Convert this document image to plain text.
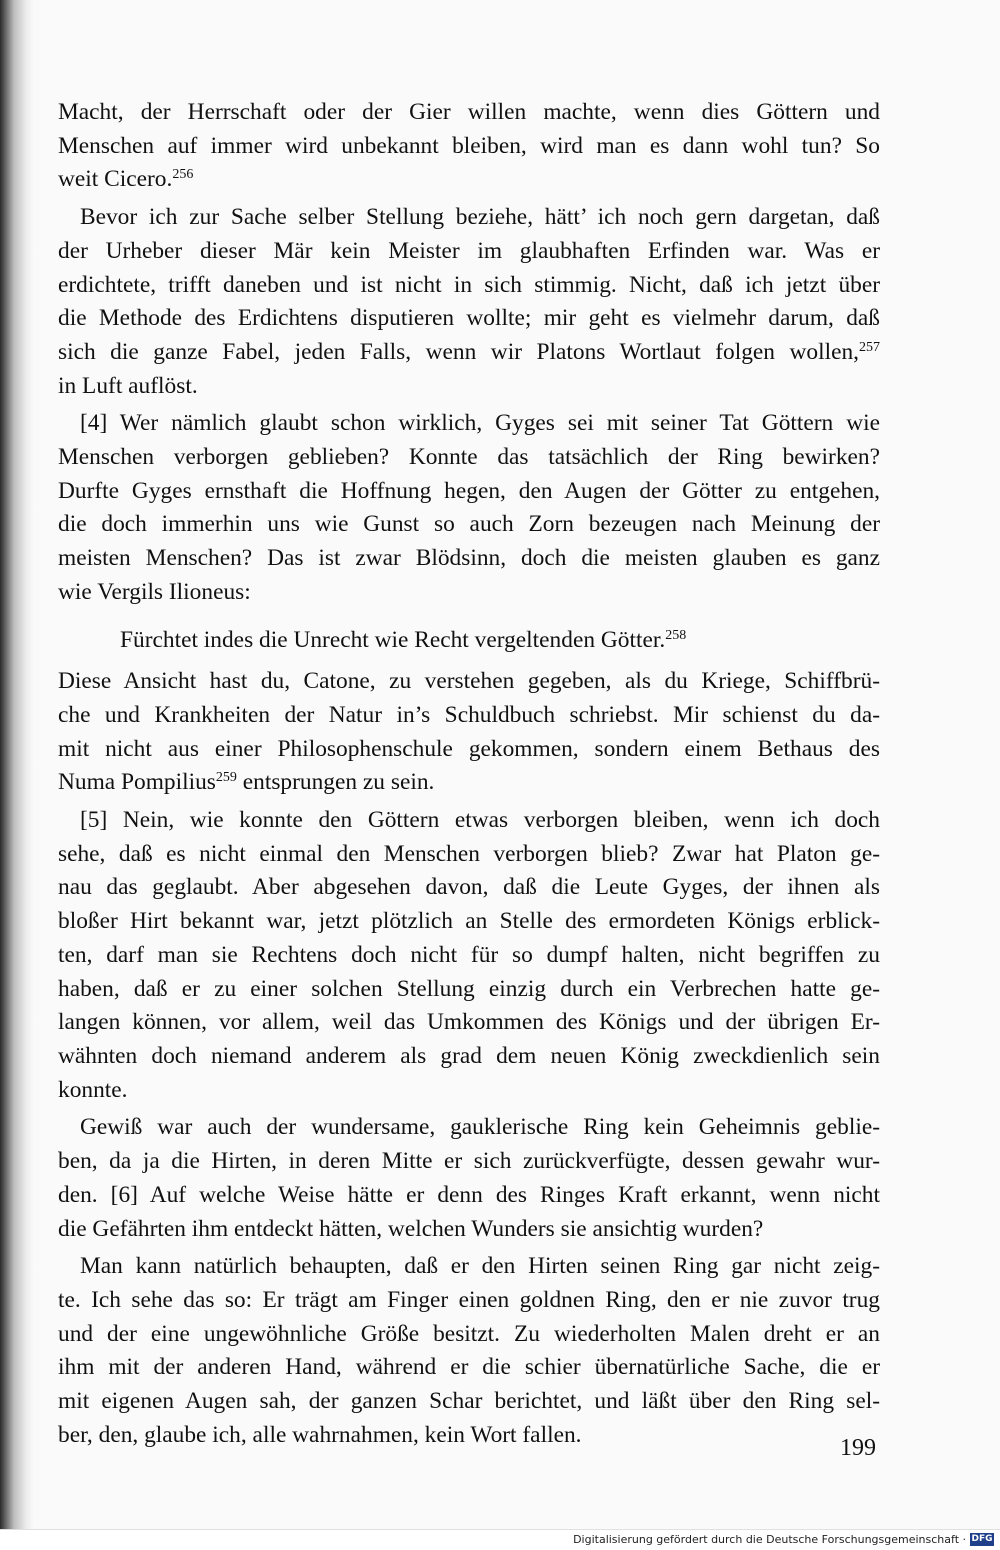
Macht, der Herrschaft oder der Gier willen machte, wenn dies Göttern und
Menschen auf immer wird unbekannt bleiben, wird man es dann wohl tun? So
weit Cicero.$^{256}$
Bevor ich zur Sache selber Stellung beziehe, hätt’ ich noch gern dargetan, daß
der Urheber dieser Mär kein Meister im glaubhaften Erfinden war. Was er
erdichtete, trifft daneben und ist nicht in sich stimmig. Nicht, daß ich jetzt über
die Methode des Erdichtens disputieren wollte; mir geht es vielmehr darum, daß
sich die ganze Fabel, jeden Falls, wenn wir Platons Wortlaut folgen wollen,$^{257}$
in Luft auflöst.
[4] Wer nämlich glaubt schon wirklich, Gyges sei mit seiner Tat Göttern wie
Menschen verborgen geblieben? Konnte das tatsächlich der Ring bewirken?
Durfte Gyges ernsthaft die Hoffnung hegen, den Augen der Götter zu entgehen,
die doch immerhin uns wie Gunst so auch Zorn bezeugen nach Meinung der
meisten Menschen? Das ist zwar Blödsinn, doch die meisten glauben es ganz
wie Vergils Ilioneus:
Fürchtet indes die Unrecht wie Recht vergeltenden Götter.$^{258}$
Diese Ansicht hast du, Catone, zu verstehen gegeben, als du Kriege, Schiffbrü-
che und Krankheiten der Natur in’s Schuldbuch schriebst. Mir schienst du da-
mit nicht aus einer Philosophenschule gekommen, sondern einem Bethaus des
Numa Pompilius$^{259}$ entsprungen zu sein.
[5] Nein, wie konnte den Göttern etwas verborgen bleiben, wenn ich doch
sehe, daß es nicht einmal den Menschen verborgen blieb? Zwar hat Platon ge-
nau das geglaubt. Aber abgesehen davon, daß die Leute Gyges, der ihnen als
bloßer Hirt bekannt war, jetzt plötzlich an Stelle des ermordeten Königs erblick-
ten, darf man sie Rechtens doch nicht für so dumpf halten, nicht begriffen zu
haben, daß er zu einer solchen Stellung einzig durch ein Verbrechen hatte ge-
langen können, vor allem, weil das Umkommen des Königs und der übrigen Er-
wähnten doch niemand anderem als grad dem neuen König zweckdienlich sein
konnte.
Gewiß war auch der wundersame, gauklerische Ring kein Geheimnis geblie-
ben, da ja die Hirten, in deren Mitte er sich zurückverfügte, dessen gewahr wur-
den. [6] Auf welche Weise hätte er denn des Ringes Kraft erkannt, wenn nicht
die Gefährten ihm entdeckt hätten, welchen Wunders sie ansichtig wurden?
Man kann natürlich behaupten, daß er den Hirten seinen Ring gar nicht zeig-
te. Ich sehe das so: Er trägt am Finger einen goldnen Ring, den er nie zuvor trug
und der eine ungewöhnliche Größe besitzt. Zu wiederholten Malen dreht er an
ihm mit der anderen Hand, während er die schier übernatürliche Sache, die er
mit eigenen Augen sah, der ganzen Schar berichtet, und läßt über den Ring sel-
ber, den, glaube ich, alle wahrnahmen, kein Wort fallen.
199
Digitalisierung gefördert durch die Deutsche Forschungsgemeinschaft · DFG
